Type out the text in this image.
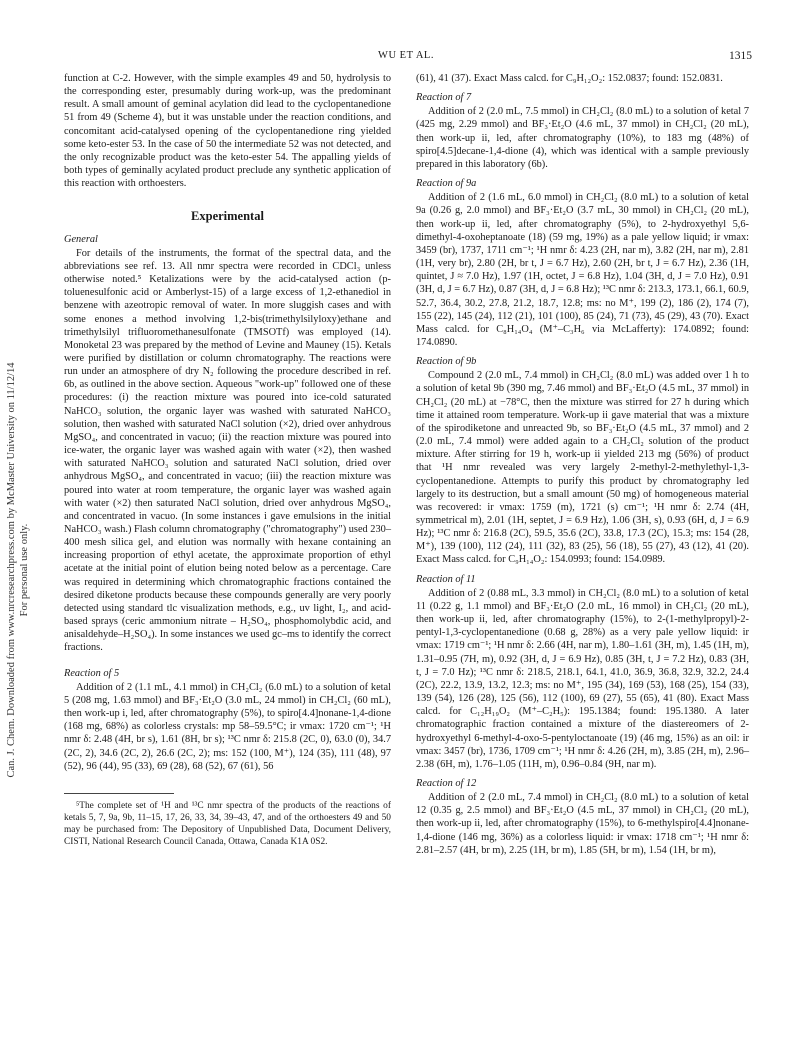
WU ET AL.	1315
Can. J. Chem. Downloaded from www.nrcresearchpress.com by McMaster University on 11/12/14 For personal use only.

function at C-2. However, with the simple examples 49 and 50, hydrolysis to the corresponding ester, presumably during work-up, was the predominant result. A small amount of geminal acylation did lead to the cyclopentanedione 51 from 49 (Scheme 4), but it was unstable under the reaction conditions, and concomitant acid-catalysed opening of the cyclopentanedione ring yielded some keto-ester 53. In the case of 50 the intermediate 52 was not detected, and the only recognizable product was the keto-ester 54. The appalling yields of both types of geminally acylated product preclude any synthetic application of this reaction with orthoesters.

Experimental
General

For details of the instruments, the format of the spectral data, and the abbreviations see ref. 13. All nmr spectra were recorded in CDCl₃ unless otherwise noted.⁵ Ketalizations were by the acid-catalysed action (p-toluenesulfonic acid or Amberlyst-15) of a large excess of 1,2-ethanediol in benzene with azeotropic removal of water. In more sluggish cases and with some enones a method involving 1,2-bis(trimethylsilyloxy)ethane and trimethylsilyl trifluoromethanesulfonate (TMSOTf) was employed (14). Monoketal 23 was prepared by the method of Levine and Mauney (15). Ketals were purified by distillation or column chromatography. The reactions were run under an atmosphere of dry N₂ following the procedure described in ref. 6b, as outlined in the above section. Aqueous "work-up" followed one of these procedures: (i) the reaction mixture was poured into ice-cold saturated NaHCO₃ solution, the organic layer was washed with saturated NaHCO₃ solution, then washed with saturated NaCl solution (×2), dried over anhydrous MgSO₄, and concentrated in vacuo; (ii) the reaction mixture was poured into ice-water, the organic layer was washed again with water (×2), then washed with saturated NaHCO₃ solution and saturated NaCl solution, dried over anhydrous MgSO₄, and concentrated in vacuo; (iii) the reaction mixture was poured into water at room temperature, the organic layer was washed again with water (×2) then saturated NaCl solution, dried over anhydrous MgSO₄, and concentrated in vacuo. (In some instances i gave emulsions in the initial NaHCO₃ wash.) Flash column chromatography ("chromatography") used 230–400 mesh silica gel, and elution was normally with hexane containing an increasing proportion of ethyl acetate, the approximate proportion of ethyl acetate at the initial point of elution being noted below as a percentage. Care was required in determining which chromatographic fractions contained the desired diketone products because these compounds generally are very poorly detected using standard tlc visualization methods, e.g., uv light, I₂, and acid-based sprays (ceric ammonium nitrate – H₂SO₄, phosphomolybdic acid, and anisaldehyde–H₂SO₄). In some instances we used gc–ms to identify the correct fractions.

Reaction of 5

Addition of 2 (1.1 mL, 4.1 mmol) in CH₂Cl₂ (6.0 mL) to a solution of ketal 5 (208 mg, 1.63 mmol) and BF₃·Et₂O (3.0 mL, 24 mmol) in CH₂Cl₂ (60 mL), then work-up i, led, after chromatography (5%), to spiro[4.4]nonane-1,4-dione (168 mg, 68%) as colorless crystals: mp 58–59.5°C; ir νmax: 1720 cm⁻¹; ¹H nmr δ: 2.48 (4H, br s), 1.61 (8H, br s); ¹³C nmr δ: 215.8 (2C, 0), 63.0 (0), 34.7 (2C, 2), 34.6 (2C, 2), 26.6 (2C, 2); ms: 152 (100, M⁺), 124 (35), 111 (48), 97 (52), 96 (44), 95 (33), 69 (28), 68 (52), 67 (61), 56

⁵The complete set of ¹H and ¹³C nmr spectra of the products of the reactions of ketals 5, 7, 9a, 9b, 11–15, 17, 26, 33, 34, 39–43, 47, and of the orthoesters 49 and 50 may be purchased from: The Depository of Unpublished Data, Document Delivery, CISTI, National Research Council Canada, Ottawa, Canada K1A 0S2.

(61), 41 (37). Exact Mass calcd. for C₉H₁₂O₂: 152.0837; found: 152.0831.

Reaction of 7

Addition of 2 (2.0 mL, 7.5 mmol) in CH₂Cl₂ (8.0 mL) to a solution of ketal 7 (425 mg, 2.29 mmol) and BF₃·Et₂O (4.6 mL, 37 mmol) in CH₂Cl₂ (20 mL), then work-up ii, led, after chromatography (10%), to 183 mg (48%) of spiro[4.5]decane-1,4-dione (4), which was identical with a sample previously prepared in this laboratory (6b).

Reaction of 9a

Addition of 2 (1.6 mL, 6.0 mmol) in CH₂Cl₂ (8.0 mL) to a solution of ketal 9a (0.26 g, 2.0 mmol) and BF₃·Et₂O (3.7 mL, 30 mmol) in CH₂Cl₂ (20 mL), then work-up ii, led, after chromatography (5%), to 2-hydroxyethyl 5,6-dimethyl-4-oxoheptanoate (18) (59 mg, 19%) as a pale yellow liquid; ir νmax: 3459 (br), 1737, 1711 cm⁻¹; ¹H nmr δ: 4.23 (2H, nar m), 3.82 (2H, nar m), 2.81 (1H, very br), 2.80 (2H, br t, J = 6.7 Hz), 2.60 (2H, br t, J = 6.7 Hz), 2.36 (1H, quintet, J ≈ 7.0 Hz), 1.97 (1H, octet, J = 6.8 Hz), 1.04 (3H, d, J = 7.0 Hz), 0.91 (3H, d, J = 6.7 Hz), 0.87 (3H, d, J = 6.8 Hz); ¹³C nmr δ: 213.3, 173.1, 66.1, 60.9, 52.7, 36.4, 30.2, 27.8, 21.2, 18.7, 12.8; ms: no M⁺, 199 (2), 186 (2), 174 (7), 155 (22), 145 (24), 112 (21), 101 (100), 85 (24), 71 (73), 45 (29), 43 (70). Exact Mass calcd. for C₈H₁₄O₄ (M⁺–C₃H₆ via McLafferty): 174.0892; found: 174.0890.

Reaction of 9b

Compound 2 (2.0 mL, 7.4 mmol) in CH₂Cl₂ (8.0 mL) was added over 1 h to a solution of ketal 9b (390 mg, 7.46 mmol) and BF₃·Et₂O (4.5 mL, 37 mmol) in CH₂Cl₂ (20 mL) at −78°C, then the mixture was stirred for 27 h during which time it attained room temperature. Work-up ii gave material that was a mixture of the spirodiketone and unreacted 9b, so BF₃·Et₂O (4.5 mL, 37 mmol) and 2 (2.0 mL, 7.4 mmol) were added again to a CH₂Cl₂ solution of the product mixture. After stirring for 19 h, work-up ii yielded 213 mg (56%) of product that ¹H nmr revealed was very largely 2-methyl-2-methylethyl-1,3-cyclopentanedione. Attempts to purify this product by chromatography led largely to its destruction, but a small amount (50 mg) of homogeneous material was recovered: ir νmax: 1759 (m), 1721 (s) cm⁻¹; ¹H nmr δ: 2.74 (4H, symmetrical m), 2.01 (1H, septet, J = 6.9 Hz), 1.06 (3H, s), 0.93 (6H, d, J = 6.9 Hz); ¹³C nmr δ: 216.8 (2C), 59.5, 35.6 (2C), 33.8, 17.3 (2C), 15.3; ms: 154 (28, M⁺), 139 (100), 112 (24), 111 (32), 83 (25), 56 (18), 55 (27), 43 (12), 41 (20). Exact Mass calcd. for C₉H₁₄O₂: 154.0993; found: 154.0989.

Reaction of 11

Addition of 2 (0.88 mL, 3.3 mmol) in CH₂Cl₂ (8.0 mL) to a solution of ketal 11 (0.22 g, 1.1 mmol) and BF₃·Et₂O (2.0 mL, 16 mmol) in CH₂Cl₂ (20 mL), then work-up ii, led, after chromatography (15%), to 2-(1-methylpropyl)-2-pentyl-1,3-cyclopentanedione (0.68 g, 28%) as a very pale yellow liquid: ir νmax: 1719 cm⁻¹; ¹H nmr δ: 2.66 (4H, nar m), 1.80–1.61 (3H, m), 1.45 (1H, m), 1.31–0.95 (7H, m), 0.92 (3H, d, J = 6.9 Hz), 0.85 (3H, t, J = 7.2 Hz), 0.83 (3H, t, J = 7.0 Hz); ¹³C nmr δ: 218.5, 218.1, 64.1, 41.0, 36.9, 36.8, 32.9, 32.2, 24.4 (2C), 22.2, 13.9, 13.2, 12.3; ms: no M⁺, 195 (34), 169 (53), 168 (25), 154 (33), 139 (54), 126 (28), 125 (56), 112 (100), 69 (27), 55 (65), 41 (80). Exact Mass calcd. for C₁₂H₁₉O₂ (M⁺–C₂H₅): 195.1384; found: 195.1380. A later chromatographic fraction contained a mixture of the diastereomers of 2-hydroxyethyl 6-methyl-4-oxo-5-pentyloctanoate (19) (46 mg, 15%) as an oil: ir νmax: 3457 (br), 1736, 1709 cm⁻¹; ¹H nmr δ: 4.26 (2H, m), 3.85 (2H, m), 2.96–2.38 (6H, m), 1.76–1.05 (11H, m), 0.96–0.84 (9H, nar m).

Reaction of 12

Addition of 2 (2.0 mL, 7.4 mmol) in CH₂Cl₂ (8.0 mL) to a solution of ketal 12 (0.35 g, 2.5 mmol) and BF₃·Et₂O (4.5 mL, 37 mmol) in CH₂Cl₂ (20 mL), then work-up ii, led, after chromatography (15%), to 6-methylspiro[4.4]nonane-1,4-dione (146 mg, 36%) as a colorless liquid: ir νmax: 1718 cm⁻¹; ¹H nmr δ: 2.81–2.57 (4H, br m), 2.25 (1H, br m), 1.85 (5H, br m), 1.54 (1H, br m),
